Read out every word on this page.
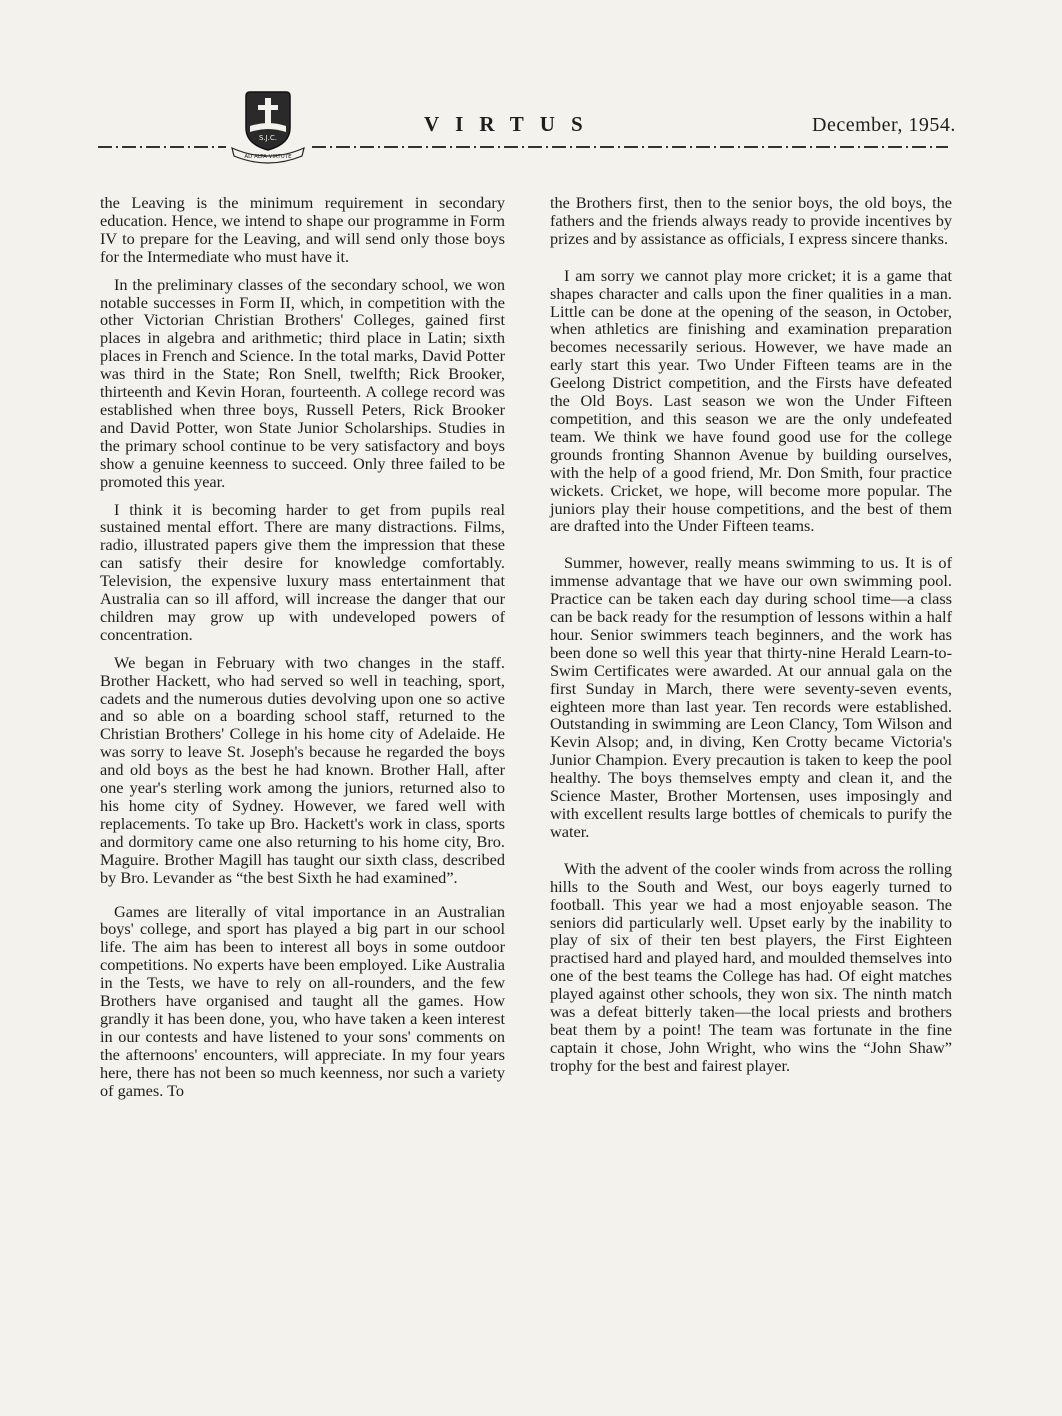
S.J.C.
AD ALTA VIRTUTE
VIRTUS	December, 1954.

the Leaving is the minimum requirement in secondary education. Hence, we intend to shape our programme in Form IV to prepare for the Leaving, and will send only those boys for the Intermediate who must have it.

In the preliminary classes of the secondary school, we won notable successes in Form II, which, in competition with the other Victorian Christian Brothers' Colleges, gained first places in algebra and arithmetic; third place in Latin; sixth places in French and Science. In the total marks, David Potter was third in the State; Ron Snell, twelfth; Rick Brooker, thirteenth and Kevin Horan, fourteenth. A college record was established when three boys, Russell Peters, Rick Brooker and David Potter, won State Junior Scholarships. Studies in the primary school continue to be very satisfactory and boys show a genuine keenness to succeed. Only three failed to be promoted this year.

I think it is becoming harder to get from pupils real sustained mental effort. There are many distractions. Films, radio, illustrated papers give them the impression that these can satisfy their desire for knowledge comfortably. Television, the expensive luxury mass entertainment that Australia can so ill afford, will increase the danger that our children may grow up with undeveloped powers of concentration.

We began in February with two changes in the staff. Brother Hackett, who had served so well in teaching, sport, cadets and the numerous duties devolving upon one so active and so able on a boarding school staff, returned to the Christian Brothers' College in his home city of Adelaide. He was sorry to leave St. Joseph's because he regarded the boys and old boys as the best he had known. Brother Hall, after one year's sterling work among the juniors, returned also to his home city of Sydney. However, we fared well with replacements. To take up Bro. Hackett's work in class, sports and dormitory came one also returning to his home city, Bro. Maguire. Brother Magill has taught our sixth class, described by Bro. Levander as “the best Sixth he had examined”.

Games are literally of vital importance in an Australian boys' college, and sport has played a big part in our school life. The aim has been to interest all boys in some outdoor competitions. No experts have been employed. Like Australia in the Tests, we have to rely on all-rounders, and the few Brothers have organised and taught all the games. How grandly it has been done, you, who have taken a keen interest in our contests and have listened to your sons' comments on the afternoons' encounters, will appreciate. In my four years here, there has not been so much keenness, nor such a variety of games. To

the Brothers first, then to the senior boys, the old boys, the fathers and the friends always ready to provide incentives by prizes and by assistance as officials, I express sincere thanks.

I am sorry we cannot play more cricket; it is a game that shapes character and calls upon the finer qualities in a man. Little can be done at the opening of the season, in October, when athletics are finishing and examination preparation becomes necessarily serious. However, we have made an early start this year. Two Under Fifteen teams are in the Geelong District competition, and the Firsts have defeated the Old Boys. Last season we won the Under Fifteen competition, and this season we are the only undefeated team. We think we have found good use for the college grounds fronting Shannon Avenue by building ourselves, with the help of a good friend, Mr. Don Smith, four practice wickets. Cricket, we hope, will become more popular. The juniors play their house competitions, and the best of them are drafted into the Under Fifteen teams.

Summer, however, really means swimming to us. It is of immense advantage that we have our own swimming pool. Practice can be taken each day during school time—a class can be back ready for the resumption of lessons within a half hour. Senior swimmers teach beginners, and the work has been done so well this year that thirty-nine Herald Learn-to-Swim Certificates were awarded. At our annual gala on the first Sunday in March, there were seventy-seven events, eighteen more than last year. Ten records were established. Outstanding in swimming are Leon Clancy, Tom Wilson and Kevin Alsop; and, in diving, Ken Crotty became Victoria's Junior Champion. Every precaution is taken to keep the pool healthy. The boys themselves empty and clean it, and the Science Master, Brother Mortensen, uses imposingly and with excellent results large bottles of chemicals to purify the water.

With the advent of the cooler winds from across the rolling hills to the South and West, our boys eagerly turned to football. This year we had a most enjoyable season. The seniors did particularly well. Upset early by the inability to play of six of their ten best players, the First Eighteen practised hard and played hard, and moulded themselves into one of the best teams the College has had. Of eight matches played against other schools, they won six. The ninth match was a defeat bitterly taken—the local priests and brothers beat them by a point! The team was fortunate in the fine captain it chose, John Wright, who wins the “John Shaw” trophy for the best and fairest player.
